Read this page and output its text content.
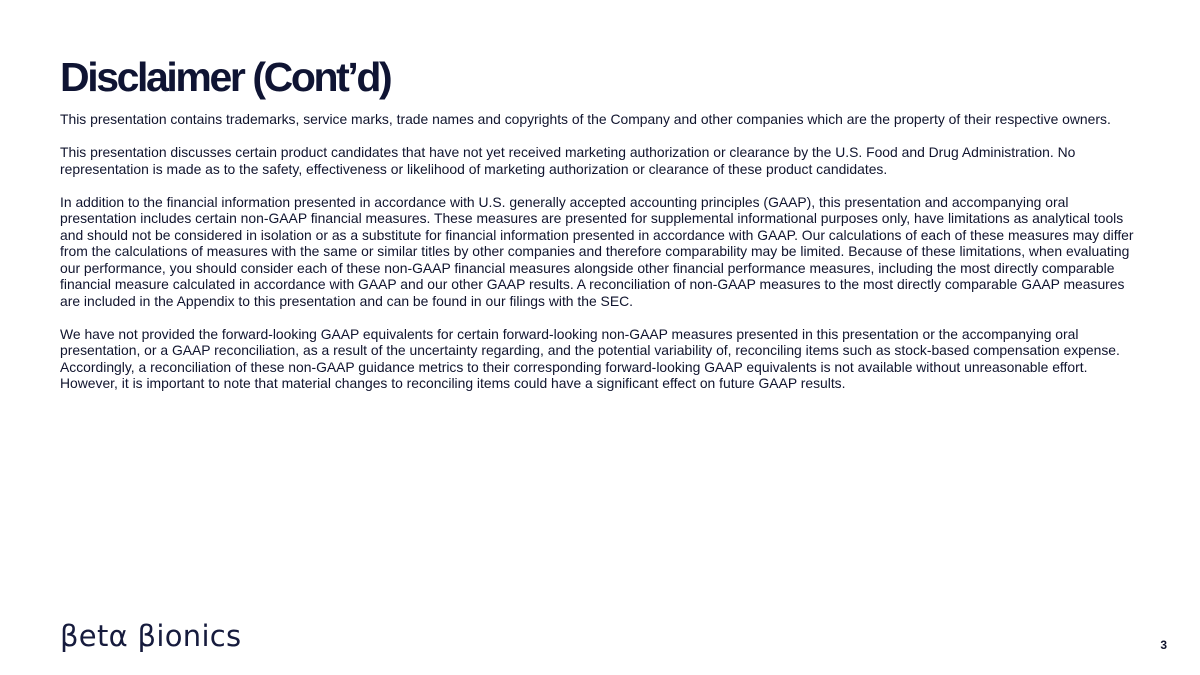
Disclaimer (Cont’d)

This presentation contains trademarks, service marks, trade names and copyrights of the Company and other companies which are the property of their respective owners.

This presentation discusses certain product candidates that have not yet received marketing authorization or clearance by the U.S. Food and Drug Administration. No representation is made as to the safety, effectiveness or likelihood of marketing authorization or clearance of these product candidates.

In addition to the financial information presented in accordance with U.S. generally accepted accounting principles (GAAP), this presentation and accompanying oral presentation includes certain non-GAAP financial measures. These measures are presented for supplemental informational purposes only, have limitations as analytical tools and should not be considered in isolation or as a substitute for financial information presented in accordance with GAAP. Our calculations of each of these measures may differ from the calculations of measures with the same or similar titles by other companies and therefore comparability may be limited. Because of these limitations, when evaluating our performance, you should consider each of these non-GAAP financial measures alongside other financial performance measures, including the most directly comparable financial measure calculated in accordance with GAAP and our other GAAP results. A reconciliation of non-GAAP measures to the most directly comparable GAAP measures are included in the Appendix to this presentation and can be found in our filings with the SEC.

We have not provided the forward-looking GAAP equivalents for certain forward-looking non-GAAP measures presented in this presentation or the accompanying oral presentation, or a GAAP reconciliation, as a result of the uncertainty regarding, and the potential variability of, reconciling items such as stock-based compensation expense. Accordingly, a reconciliation of these non-GAAP guidance metrics to their corresponding forward-looking GAAP equivalents is not available without unreasonable effort. However, it is important to note that material changes to reconciling items could have a significant effect on future GAAP results.

βetα βionics	3
